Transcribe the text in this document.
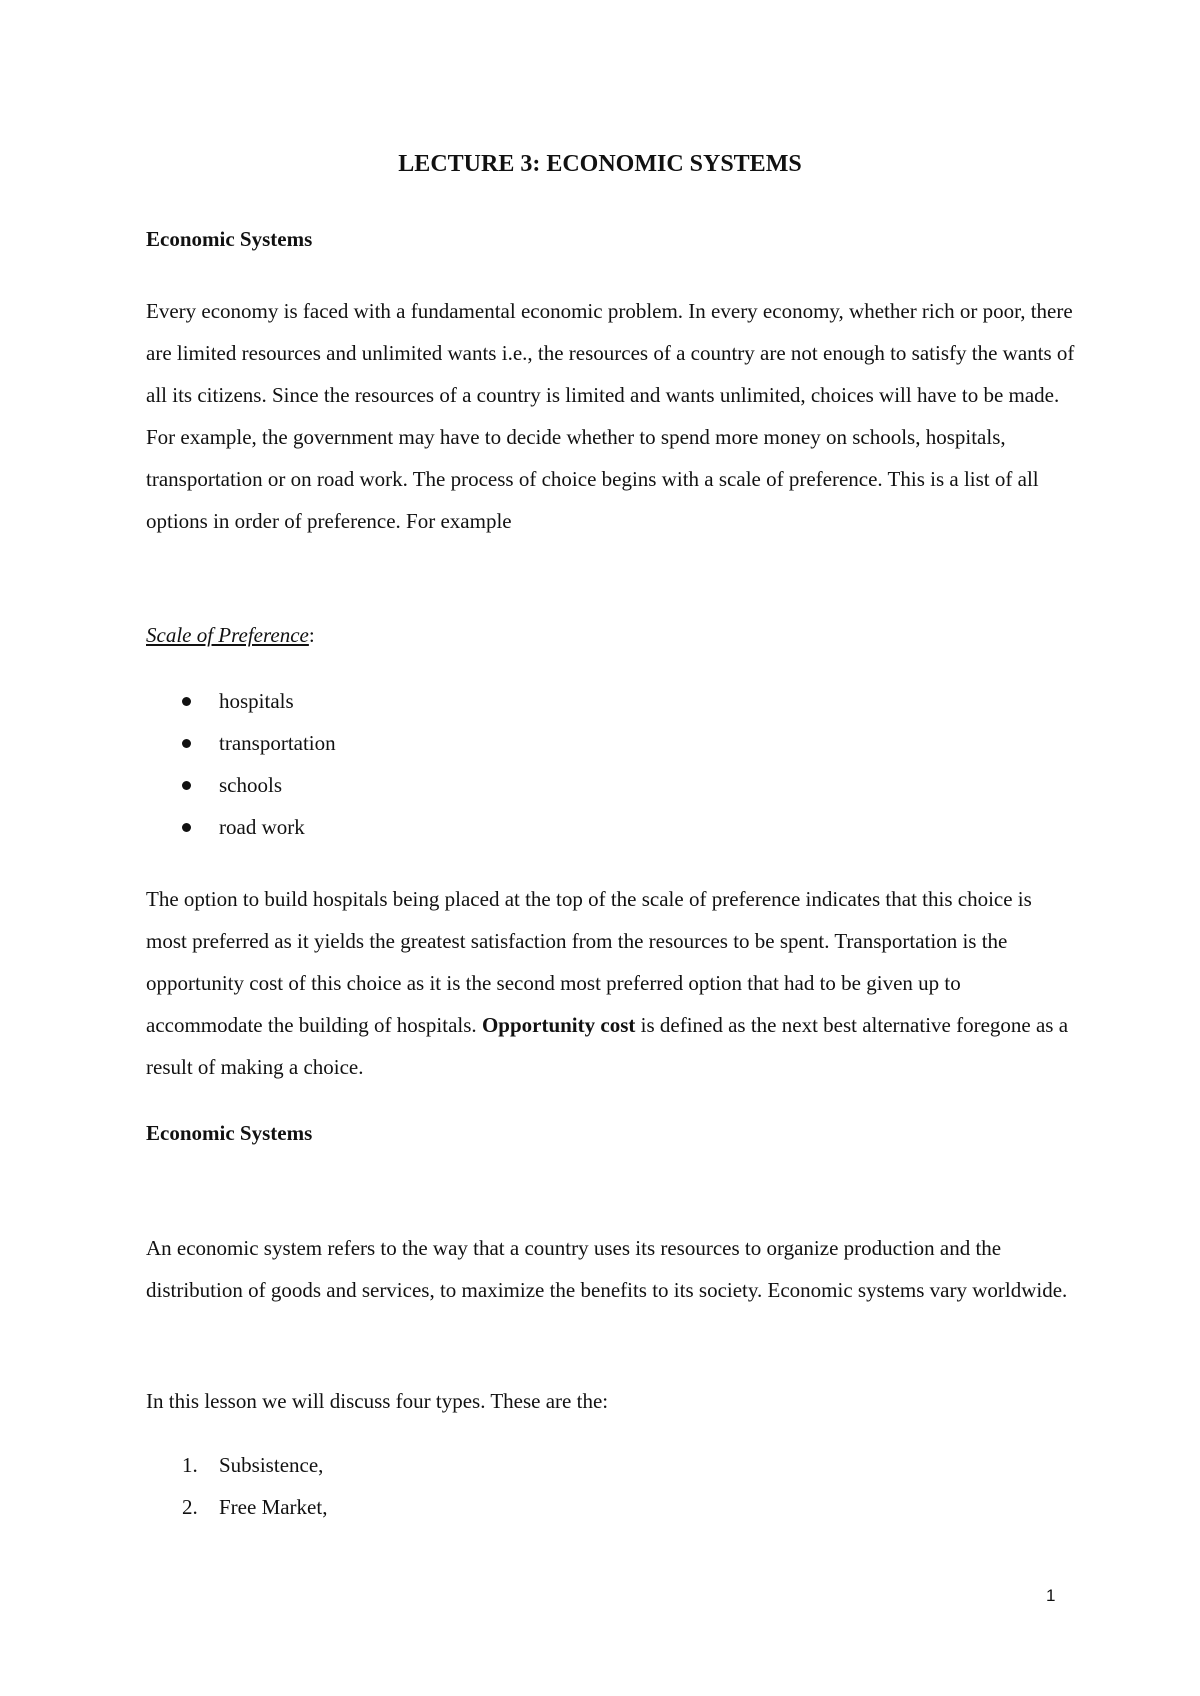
LECTURE 3: ECONOMIC SYSTEMS
Economic Systems

Every economy is faced with a fundamental economic problem. In every economy, whether rich or poor, there are limited resources and unlimited wants i.e., the resources of a country are not enough to satisfy the wants of all its citizens. Since the resources of a country is limited and wants unlimited, choices will have to be made. For example, the government may have to decide whether to spend more money on schools, hospitals, transportation or on road work. The process of choice begins with a scale of preference. This is a list of all options in order of preference. For example

Scale of Preference:

hospitals
transportation
schools
road work

The option to build hospitals being placed at the top of the scale of preference indicates that this choice is most preferred as it yields the greatest satisfaction from the resources to be spent. Transportation is the opportunity cost of this choice as it is the second most preferred option that had to be given up to accommodate the building of hospitals. Opportunity cost is defined as the next best alternative foregone as a result of making a choice.

Economic Systems

An economic system refers to the way that a country uses its resources to organize production and the distribution of goods and services, to maximize the benefits to its society. Economic systems vary worldwide.

In this lesson we will discuss four types. These are the:

1. Subsistence,
2. Free Market,
1
